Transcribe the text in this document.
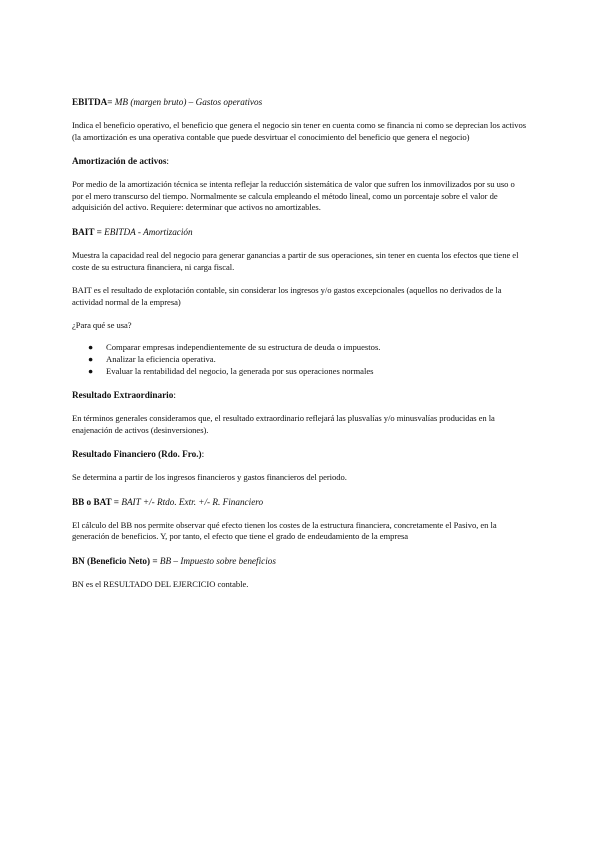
EBITDA= MB (margen bruto) – Gastos operativos

Indica el beneficio operativo, el beneficio que genera el negocio sin tener en cuenta como se financia ni como se deprecian los activos (la amortización es una operativa contable que puede desvirtuar el conocimiento del beneficio que genera el negocio)

Amortización de activos:

Por medio de la amortización técnica se intenta reflejar la reducción sistemática de valor que sufren los inmovilizados por su uso o por el mero transcurso del tiempo. Normalmente se calcula empleando el método lineal, como un porcentaje sobre el valor de adquisición del activo. Requiere: determinar que activos no amortizables.

BAIT = EBITDA - Amortización

Muestra la capacidad real del negocio para generar ganancias a partir de sus operaciones, sin tener en cuenta los efectos que tiene el coste de su estructura financiera, ni carga fiscal.

BAIT es el resultado de explotación contable, sin considerar los ingresos y/o gastos excepcionales (aquellos no derivados de la actividad normal de la empresa)

¿Para qué se usa?

● Comparar empresas independientemente de su estructura de deuda o impuestos.
● Analizar la eficiencia operativa.
● Evaluar la rentabilidad del negocio, la generada por sus operaciones normales

Resultado Extraordinario:

En términos generales consideramos que, el resultado extraordinario reflejará las plusvalías y/o minusvalías producidas en la enajenación de activos (desinversiones).

Resultado Financiero (Rdo. Fro.):

Se determina a partir de los ingresos financieros y gastos financieros del periodo.

BB o BAT = BAIT +/- Rtdo. Extr. +/- R. Financiero

El cálculo del BB nos permite observar qué efecto tienen los costes de la estructura financiera, concretamente el Pasivo, en la generación de beneficios. Y, por tanto, el efecto que tiene el grado de endeudamiento de la empresa

BN (Beneficio Neto) = BB – Impuesto sobre beneficios

BN es el RESULTADO DEL EJERCICIO contable.
